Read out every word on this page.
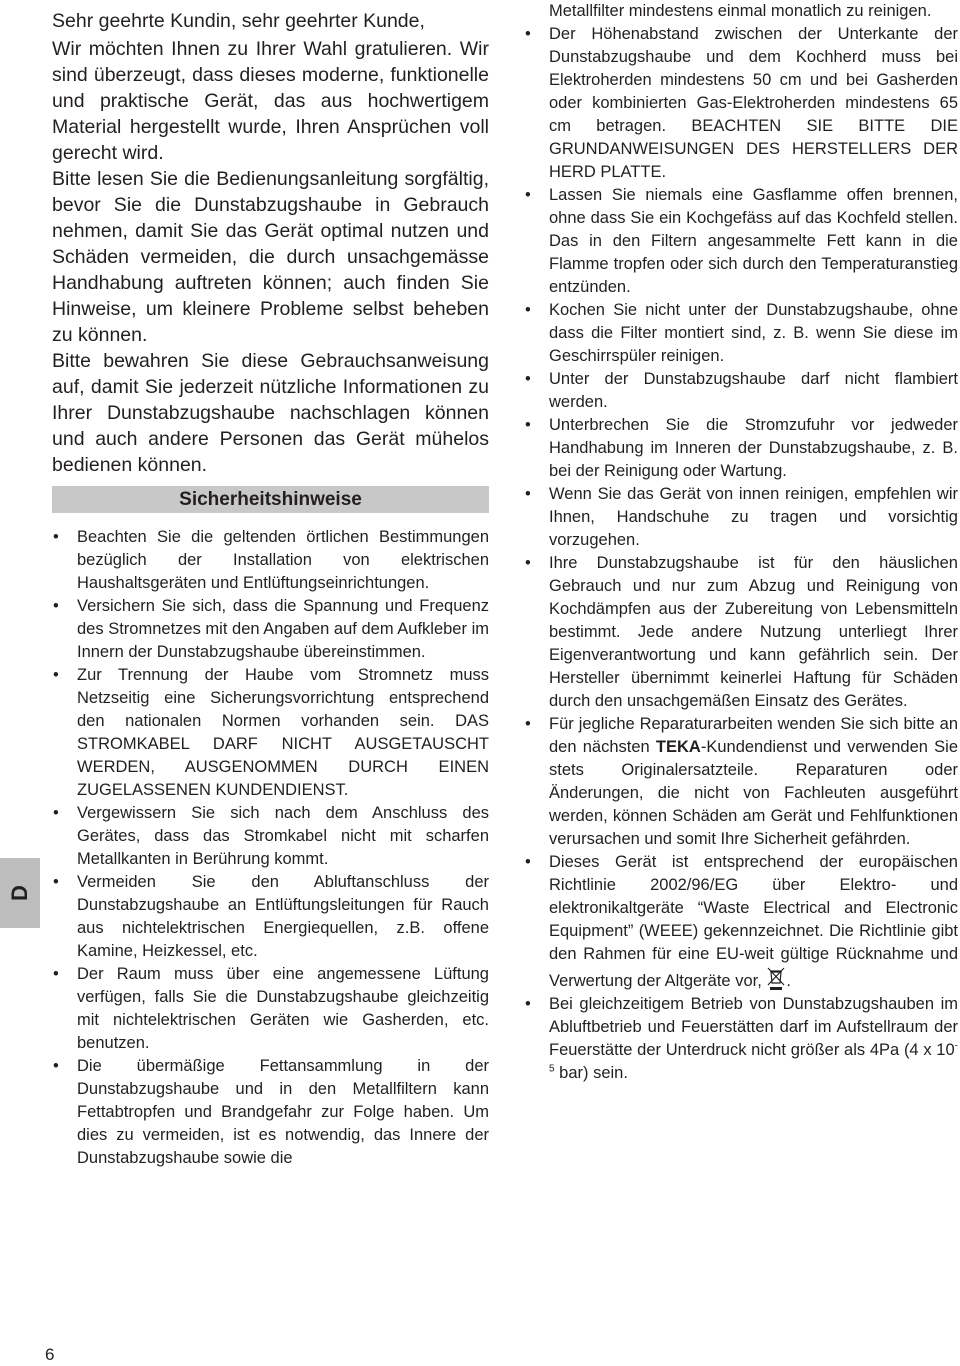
Sehr geehrte Kundin, sehr geehrter Kunde,

Wir möchten Ihnen zu Ihrer Wahl gratulieren. Wir sind überzeugt, dass dieses moderne, funktionelle und praktische Gerät, das aus hochwertigem Material hergestellt wurde, Ihren Ansprüchen voll gerecht wird.

Bitte lesen Sie die Bedienungsanleitung sorgfältig, bevor Sie die Dunstabzugshaube in Gebrauch nehmen, damit Sie das Gerät optimal nutzen und Schäden vermeiden, die durch unsachgemässe Handhabung auftreten können; auch finden Sie Hinweise, um kleinere Probleme selbst beheben zu können.

Bitte bewahren Sie diese Gebrauchsanweisung auf, damit Sie jederzeit nützliche Informationen zu Ihrer Dunstabzugshaube nachschlagen können und auch andere Personen das Gerät mühelos bedienen können.

Sicherheitshinweise
• Beachten Sie die geltenden örtlichen Bestimmungen bezüglich der Installation von elektrischen Haushaltsgeräten und Entlüftungseinrichtungen.
• Versichern Sie sich, dass die Spannung und Frequenz des Stromnetzes mit den Angaben auf dem Aufkleber im Innern der Dunstabzugshaube übereinstimmen.
• Zur Trennung der Haube vom Stromnetz muss Netzseitig eine Sicherungsvorrichtung entsprechend den nationalen Normen vorhanden sein. DAS STROMKABEL DARF NICHT AUSGETAUSCHT WERDEN, AUSGENOMMEN DURCH EINEN ZUGELASSENEN KUNDENDIENST.
• Vergewissern Sie sich nach dem Anschluss des Gerätes, dass das Stromkabel nicht mit scharfen Metallkanten in Berührung kommt.
• Vermeiden Sie den Abluftanschluss der Dunstabzugshaube an Entlüftungsleitungen für Rauch aus nichtelektrischen Energiequellen, z.B. offene Kamine, Heizkessel, etc.
• Der Raum muss über eine angemessene Lüftung verfügen, falls Sie die Dunstabzugshaube gleichzeitig mit nichtelektrischen Geräten wie Gasherden, etc. benutzen.
• Die übermäßige Fettansammlung in der Dunstabzugshaube und in den Metallfiltern kann Fettabtropfen und Brandgefahr zur Folge haben. Um dies zu vermeiden, ist es notwendig, das Innere der Dunstabzugshaube sowie die

Metallfilter mindestens einmal monatlich zu reinigen.

• Der Höhenabstand zwischen der Unterkante der Dunstabzugshaube und dem Kochherd muss bei Elektroherden mindestens 50 cm und bei Gasherden oder kombinierten Gas-Elektroherden mindestens 65 cm betragen. BEACHTEN SIE BITTE DIE GRUNDANWEISUNGEN DES HERSTELLERS DER HERD PLATTE.
• Lassen Sie niemals eine Gasflamme offen brennen, ohne dass Sie ein Kochgefäss auf das Kochfeld stellen. Das in den Filtern angesammelte Fett kann in die Flamme tropfen oder sich durch den Temperaturanstieg entzünden.
• Kochen Sie nicht unter der Dunstabzugshaube, ohne dass die Filter montiert sind, z. B. wenn Sie diese im Geschirrspüler reinigen.
• Unter der Dunstabzugshaube darf nicht flambiert werden.
• Unterbrechen Sie die Stromzufuhr vor jedweder Handhabung im Inneren der Dunstabzugshaube, z. B. bei der Reinigung oder Wartung.
• Wenn Sie das Gerät von innen reinigen, empfehlen wir Ihnen, Handschuhe zu tragen und vorsichtig vorzugehen.
• Ihre Dunstabzugshaube ist für den häuslichen Gebrauch und nur zum Abzug und Reinigung von Kochdämpfen aus der Zubereitung von Lebensmitteln bestimmt. Jede andere Nutzung unterliegt Ihrer Eigenverantwortung und kann gefährlich sein. Der Hersteller übernimmt keinerlei Haftung für Schäden durch den unsachgemäßen Einsatz des Gerätes.
• Für jegliche Reparaturarbeiten wenden Sie sich bitte an den nächsten TEKA-Kundendienst und verwenden Sie stets Originalersatzteile. Reparaturen oder Änderungen, die nicht von Fachleuten ausgeführt werden, können Schäden am Gerät und Fehlfunktionen verursachen und somit Ihre Sicherheit gefährden.
• Dieses Gerät ist entsprechend der europäischen Richtlinie 2002/96/EG über Elektro- und elektronikaltgeräte “Waste Electrical and Electronic Equipment” (WEEE) gekennzeichnet. Die Richtlinie gibt den Rahmen für eine EU-weit gültige Rücknahme und Verwertung der Altgeräte vor, .
• Bei gleichzeitigem Betrieb von Dunstabzugshauben im Abluftbetrieb und Feuerstätten darf im Aufstellraum der Feuerstätte der Unterdruck nicht größer als 4Pa (4 x $10^{-5}$ bar) sein.
D
6
